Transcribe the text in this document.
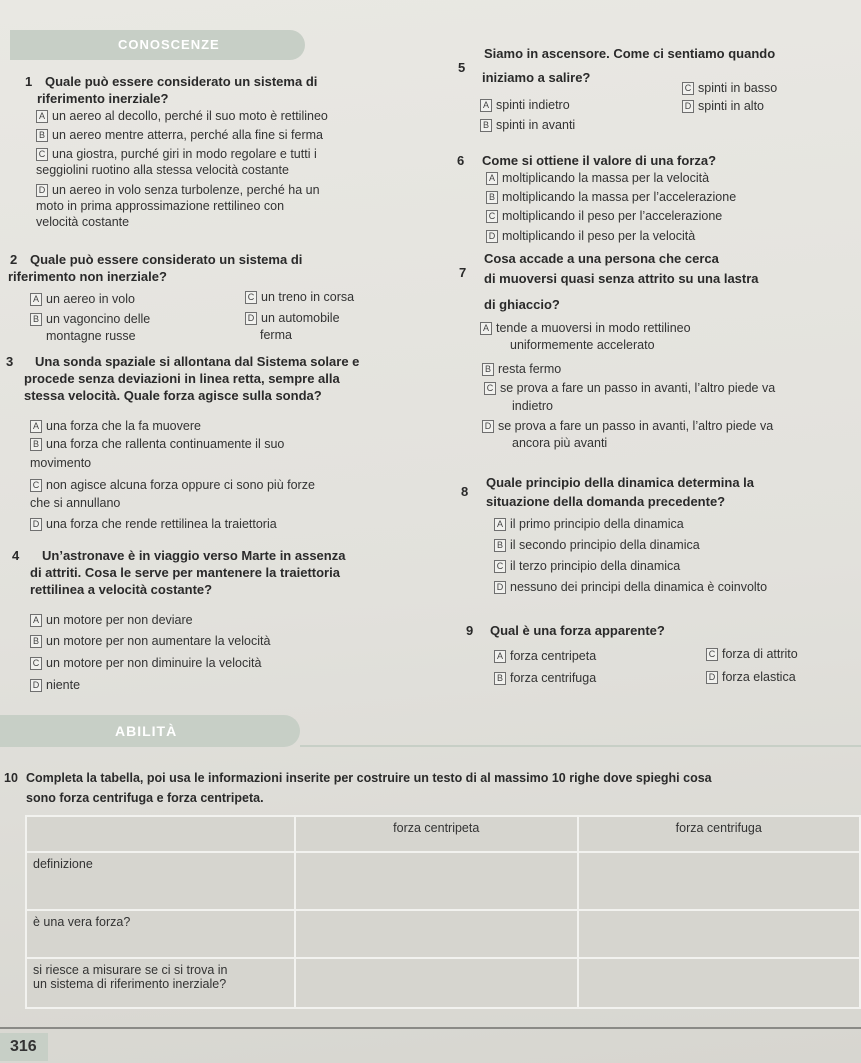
CONOSCENZE
1 Quale può essere considerato un sistema di
riferimento inerziale?
A un aereo al decollo, perché il suo moto è rettilineo
B un aereo mentre atterra, perché alla fine si ferma
C una giostra, purché giri in modo regolare e tutti i
seggiolini ruotino alla stessa velocità costante
D un aereo in volo senza turbolenze, perché ha un
moto in prima approssimazione rettilineo con
velocità costante
2 Quale può essere considerato un sistema di
riferimento non inerziale?
A un aereo in volo
B un vagoncino delle
montagne russe
C un treno in corsa
D un automobile
ferma
3 Una sonda spaziale si allontana dal Sistema solare e
procede senza deviazioni in linea retta, sempre alla
stessa velocità. Quale forza agisce sulla sonda?
A una forza che la fa muovere
B una forza che rallenta continuamente il suo
movimento
C non agisce alcuna forza oppure ci sono più forze
che si annullano
D una forza che rende rettilinea la traiettoria
4 Un’astronave è in viaggio verso Marte in assenza
di attriti. Cosa le serve per mantenere la traiettoria
rettilinea a velocità costante?
A un motore per non deviare
B un motore per non aumentare la velocità
C un motore per non diminuire la velocità
D niente
5
Siamo in ascensore. Come ci sentiamo quando
iniziamo a salire?
A spinti indietro
B spinti in avanti
C spinti in basso
D spinti in alto
6 Come si ottiene il valore di una forza?
A moltiplicando la massa per la velocità
B moltiplicando la massa per l’accelerazione
C moltiplicando il peso per l’accelerazione
D moltiplicando il peso per la velocità
7
Cosa accade a una persona che cerca
di muoversi quasi senza attrito su una lastra
di ghiaccio?
A tende a muoversi in modo rettilineo
uniformemente accelerato
B resta fermo
C se prova a fare un passo in avanti, l’altro piede va
indietro
D se prova a fare un passo in avanti, l’altro piede va
ancora più avanti
8
Quale principio della dinamica determina la
situazione della domanda precedente?
A il primo principio della dinamica
B il secondo principio della dinamica
C il terzo principio della dinamica
D nessuno dei principi della dinamica è coinvolto
9 Qual è una forza apparente?
A forza centripeta
B forza centrifuga
C forza di attrito
D forza elastica
ABILITÀ
10 Completa la tabella, poi usa le informazioni inserite per costruire un testo di al massimo 10 righe dove spieghi cosa
sono forza centrifuga e forza centripeta.
	forza centripeta	forza centrifuga
definizione		
è una vera forza?		

si riesce a misurare se ci si trova in
un sistema di riferimento inerziale?		

316
